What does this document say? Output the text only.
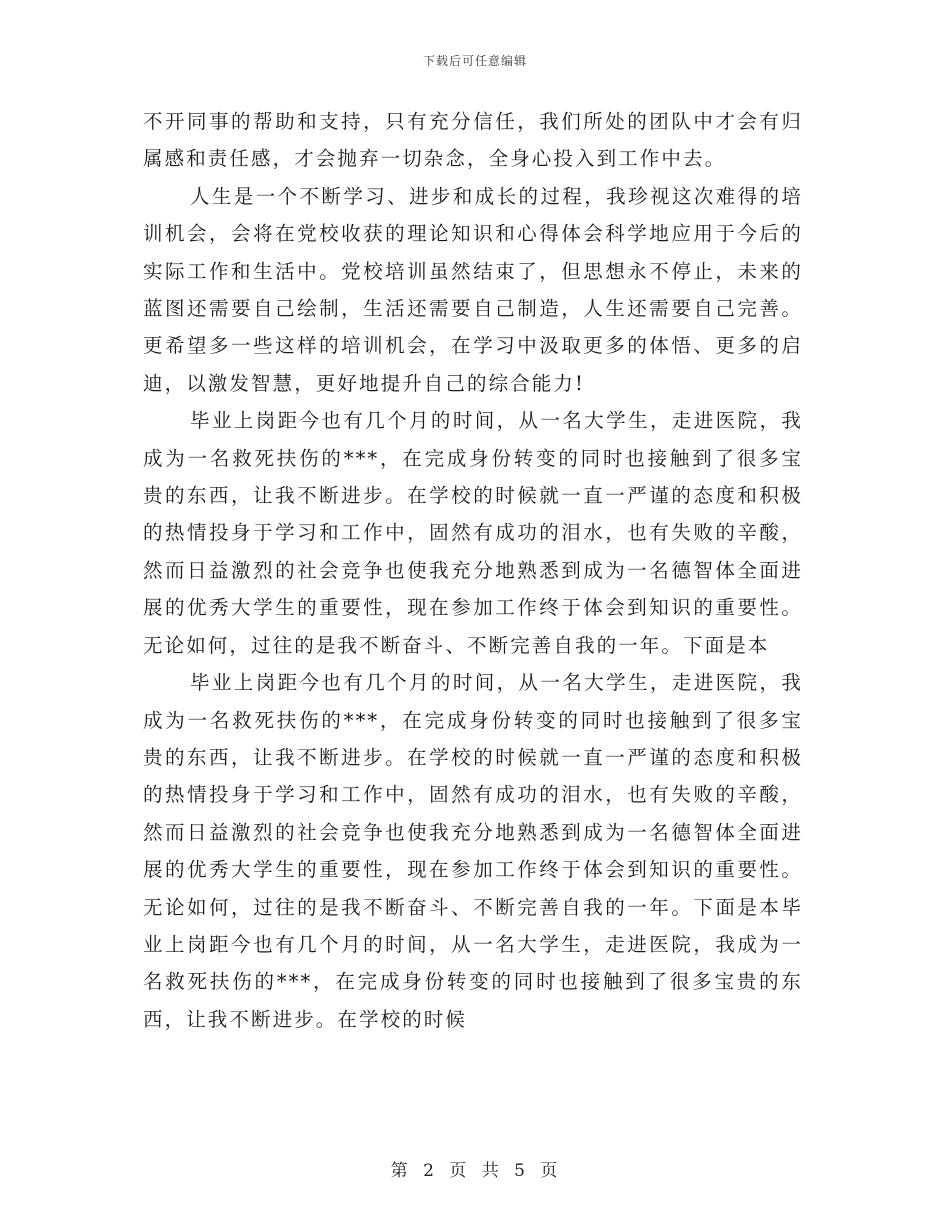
下载后可任意编辑

不开同事的帮助和支持，只有充分信任，我们所处的团队中才会有归属感和责任感，才会抛弃一切杂念，全身心投入到工作中去。

人生是一个不断学习、进步和成长的过程，我珍视这次难得的培训机会，会将在党校收获的理论知识和心得体会科学地应用于今后的实际工作和生活中。党校培训虽然结束了，但思想永不停止，未来的蓝图还需要自己绘制，生活还需要自己制造，人生还需要自己完善。更希望多一些这样的培训机会，在学习中汲取更多的体悟、更多的启迪，以激发智慧，更好地提升自己的综合能力!

毕业上岗距今也有几个月的时间，从一名大学生，走进医院，我成为一名救死扶伤的***，在完成身份转变的同时也接触到了很多宝贵的东西，让我不断进步。在学校的时候就一直一严谨的态度和积极的热情投身于学习和工作中，固然有成功的泪水，也有失败的辛酸，然而日益激烈的社会竞争也使我充分地熟悉到成为一名德智体全面进展的优秀大学生的重要性，现在参加工作终于体会到知识的重要性。无论如何，过往的是我不断奋斗、不断完善自我的一年。下面是本

毕业上岗距今也有几个月的时间，从一名大学生，走进医院，我成为一名救死扶伤的***，在完成身份转变的同时也接触到了很多宝贵的东西，让我不断进步。在学校的时候就一直一严谨的态度和积极的热情投身于学习和工作中，固然有成功的泪水，也有失败的辛酸，然而日益激烈的社会竞争也使我充分地熟悉到成为一名德智体全面进展的优秀大学生的重要性，现在参加工作终于体会到知识的重要性。无论如何，过往的是我不断奋斗、不断完善自我的一年。下面是本毕业上岗距今也有几个月的时间，从一名大学生，走进医院，我成为一名救死扶伤的***，在完成身份转变的同时也接触到了很多宝贵的东西，让我不断进步。在学校的时候

第 2 页 共 5 页
